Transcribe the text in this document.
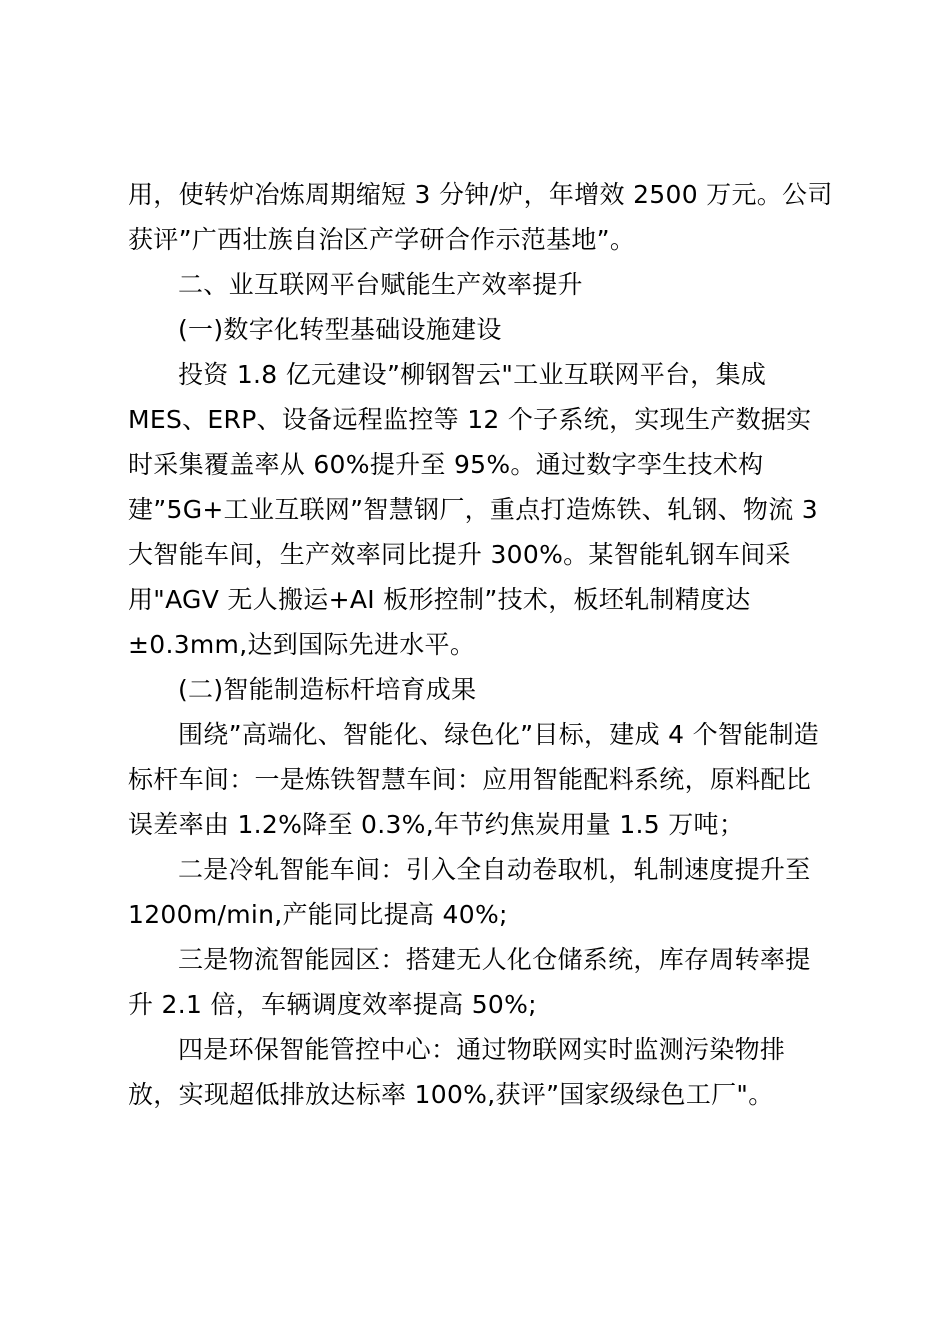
用，使转炉冶炼周期缩短 3 分钟/炉，年增效 2500 万元。公司
获评”广西壮族自治区产学研合作示范基地”。
二、业互联网平台赋能生产效率提升
(一)数字化转型基础设施建设
投资 1.8 亿元建设”柳钢智云"工业互联网平台，集成
MES、ERP、设备远程监控等 12 个子系统，实现生产数据实
时采集覆盖率从 60%提升至 95%。通过数字孪生技术构
建”5G+工业互联网”智慧钢厂，重点打造炼铁、轧钢、物流 3
大智能车间，生产效率同比提升 300%。某智能轧钢车间采
用"AGV 无人搬运+AI 板形控制”技术，板坯轧制精度达
±0.3mm,达到国际先进水平。
(二)智能制造标杆培育成果
围绕”高端化、智能化、绿色化”目标，建成 4 个智能制造
标杆车间：一是炼铁智慧车间：应用智能配料系统，原料配比
误差率由 1.2%降至 0.3%,年节约焦炭用量 1.5 万吨；
二是冷轧智能车间：引入全自动卷取机，轧制速度提升至
1200m/min,产能同比提高 40%;
三是物流智能园区：搭建无人化仓储系统，库存周转率提
升 2.1 倍，车辆调度效率提高 50%;
四是环保智能管控中心：通过物联网实时监测污染物排
放，实现超低排放达标率 100%,获评”国家级绿色工厂"。
